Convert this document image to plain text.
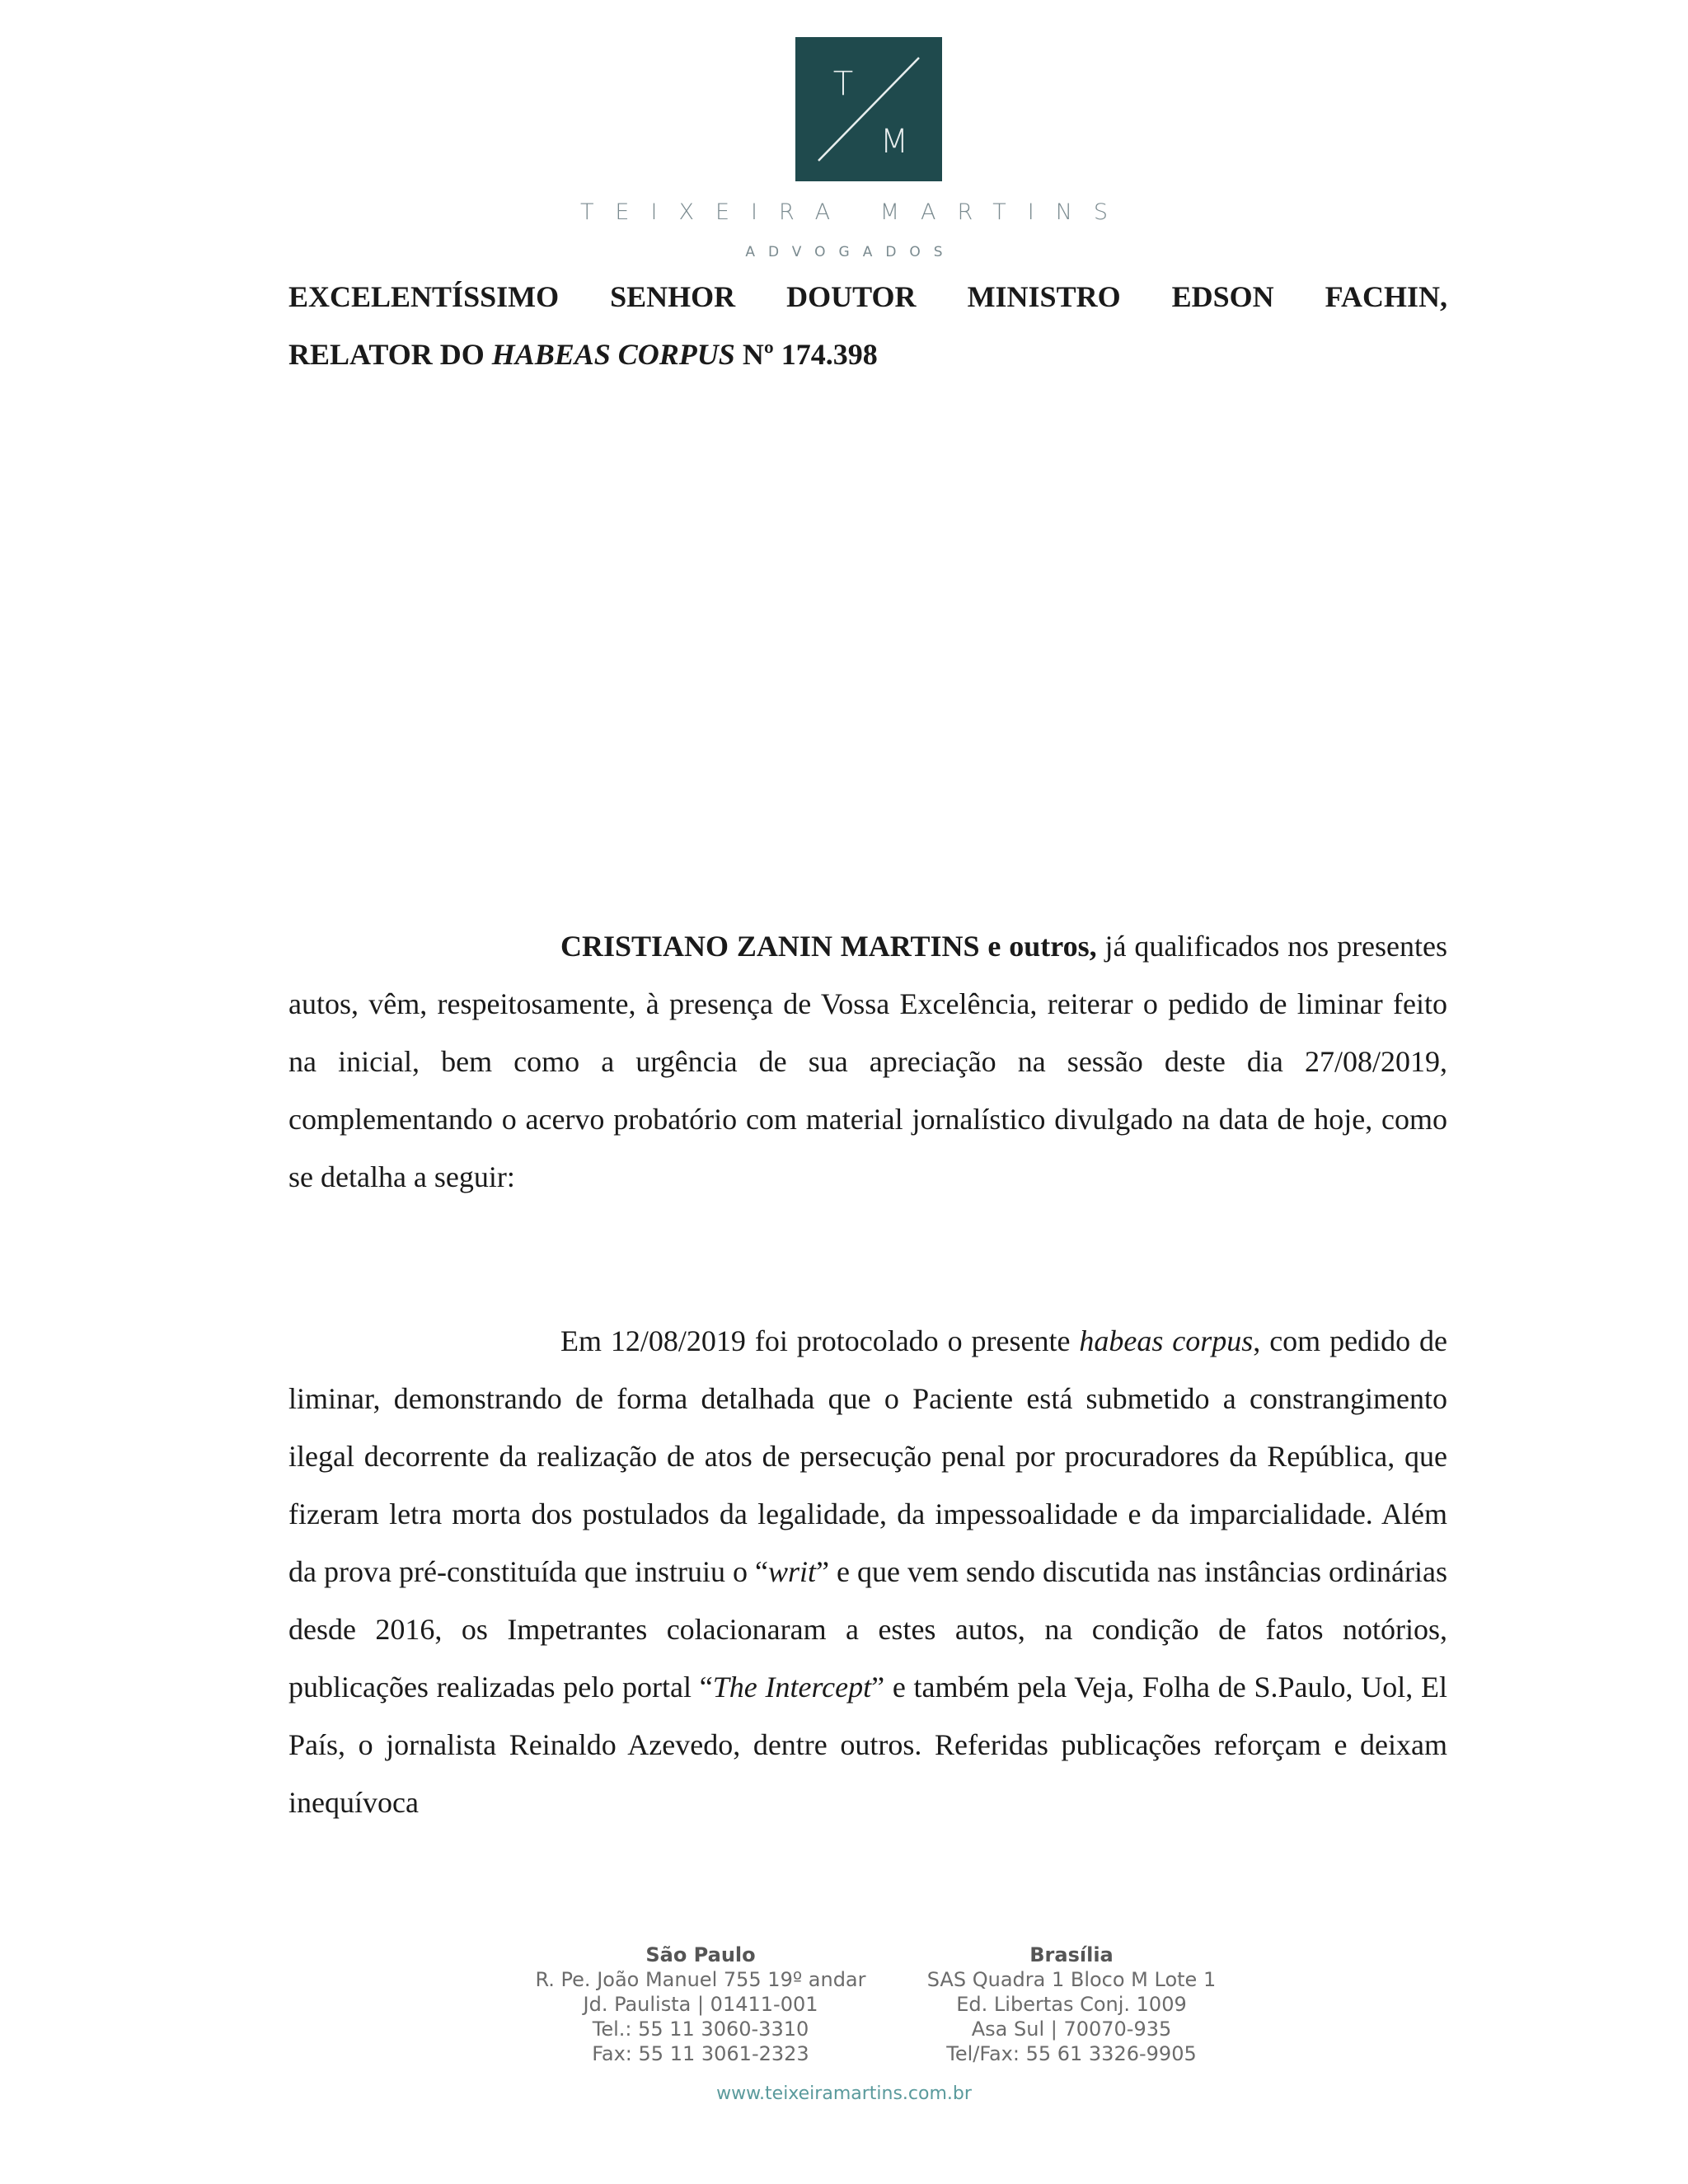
T
M
TEIXEIRA MARTINS
ADVOGADOS
EXCELENTÍSSIMO SENHOR DOUTOR MINISTRO EDSON FACHIN,
RELATOR DO HABEAS CORPUS Nº 174.398
CRISTIANO ZANIN MARTINS e outros, já qualificados nos presentes autos, vêm, respeitosamente, à presença de Vossa Excelência, reiterar o pedido de liminar feito na inicial, bem como a urgência de sua apreciação na sessão deste dia 27/08/2019, complementando o acervo probatório com material jornalístico divulgado na data de hoje, como se detalha a seguir:
Em 12/08/2019 foi protocolado o presente habeas corpus, com pedido de liminar, demonstrando de forma detalhada que o Paciente está submetido a constrangimento ilegal decorrente da realização de atos de persecução penal por procuradores da República, que fizeram letra morta dos postulados da legalidade, da impessoalidade e da imparcialidade. Além da prova pré-constituída que instruiu o “writ” e que vem sendo discutida nas instâncias ordinárias desde 2016, os Impetrantes colacionaram a estes autos, na condição de fatos notórios, publicações realizadas pelo portal “The Intercept” e também pela Veja, Folha de S.Paulo, Uol, El País, o jornalista Reinaldo Azevedo, dentre outros. Referidas publicações reforçam e deixam inequívoca
São Paulo
R. Pe. João Manuel 755 19º andar
Jd. Paulista | 01411-001
Tel.: 55 11 3060-3310
Fax: 55 11 3061-2323
Brasília
SAS Quadra 1 Bloco M Lote 1
Ed. Libertas Conj. 1009
Asa Sul | 70070-935
Tel/Fax: 55 61 3326-9905
www.teixeiramartins.com.br
